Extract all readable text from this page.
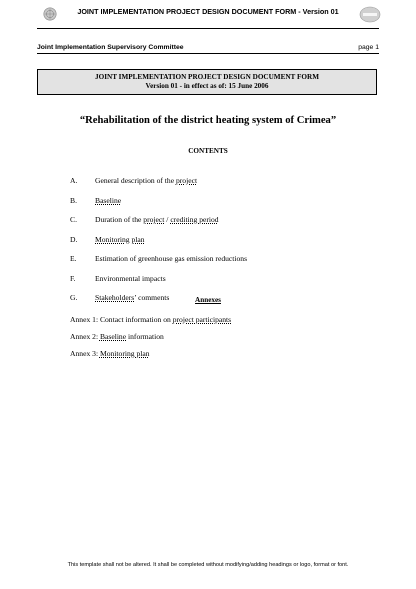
JOINT IMPLEMENTATION PROJECT DESIGN DOCUMENT FORM - Version 01
Joint Implementation Supervisory Committee	page 1
JOINT IMPLEMENTATION PROJECT DESIGN DOCUMENT FORM
Version 01 - in effect as of: 15 June 2006
“Rehabilitation of the district heating system of Crimea”
CONTENTS
A. General description of the project
B. Baseline
C. Duration of the project / crediting period
D. Monitoring plan
E. Estimation of greenhouse gas emission reductions
F.	Environmental impacts
G. Stakeholders’ comments	Annexes
Annex 1: Contact information on project participants
Annex 2: Baseline information
Annex 3: Monitoring plan
This template shall not be altered. It shall be completed without modifying/adding headings or logo, format or font.
